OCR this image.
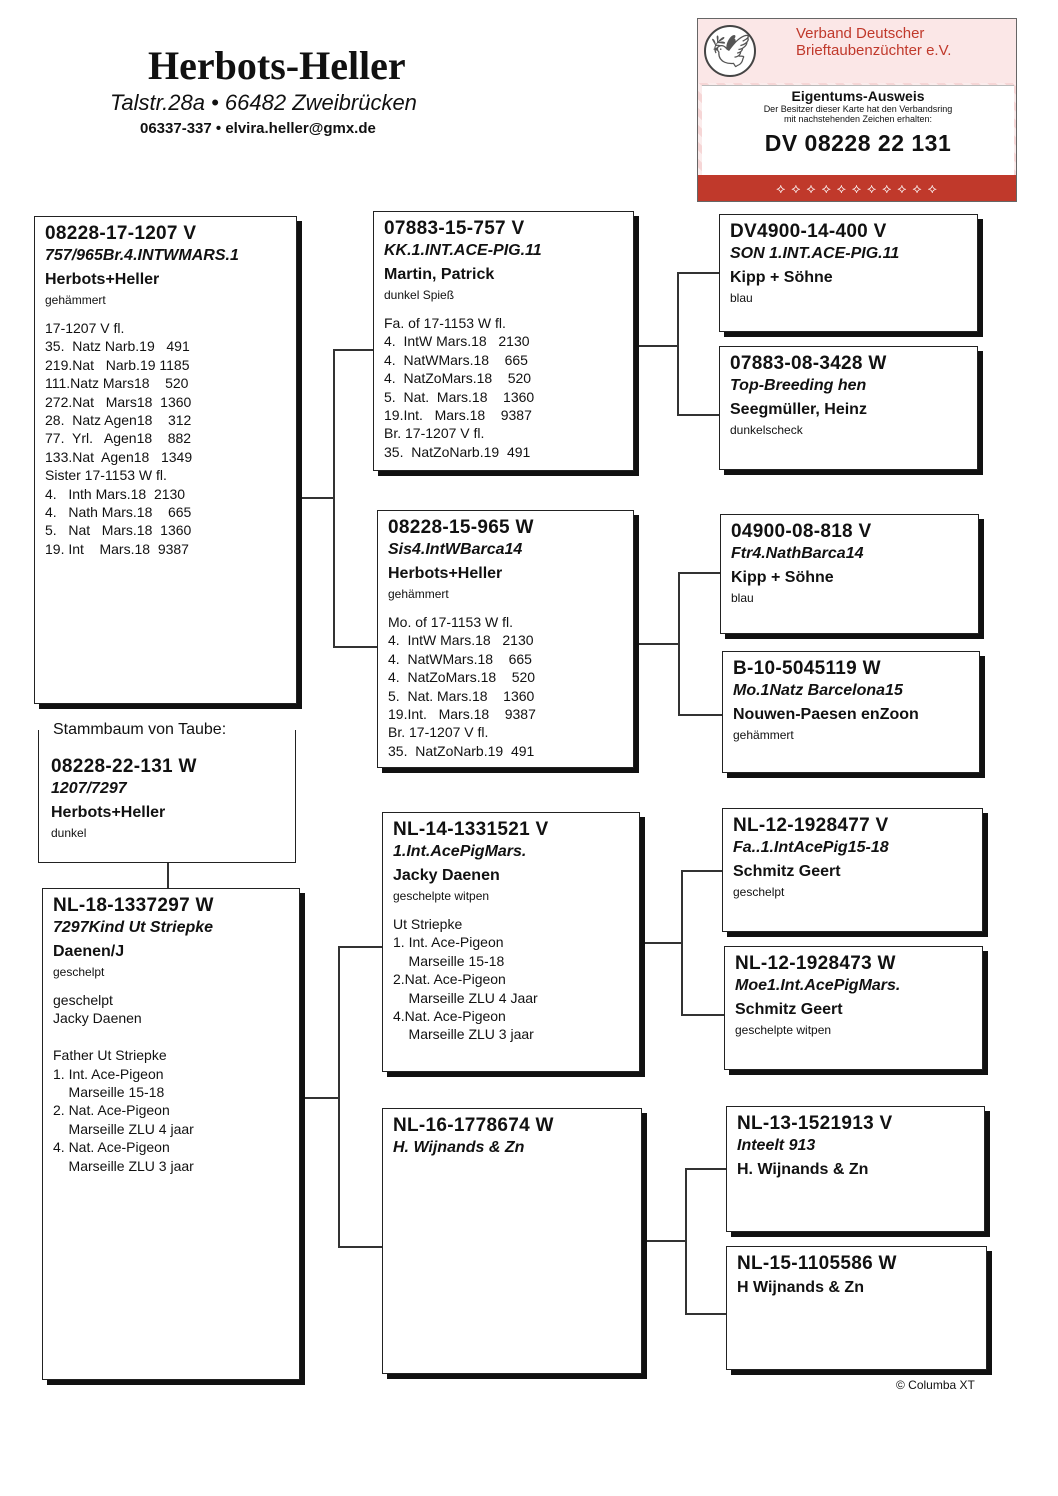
Herbots-Heller
Talstr.28a • 66482 Zweibrücken
06337-337 • elvira.heller@gmx.de
🕊	Verband Deutscher
Brieftaubenzüchter e.V.
Eigentums-Ausweis
Der Besitzer dieser Karte hat den Verbandsring
mit nachstehenden Zeichen erhalten:
DV 08228 22 131
⟡ ⟡ ⟡ ⟡ ⟡ ⟡ ⟡ ⟡ ⟡ ⟡ ⟡
Stammbaum von Taube:
08228-22-131 W
1207/7297
Herbots+Heller
dunkel
08228-17-1207 V
757/965Br.4.INTWMARS.1
Herbots+Heller
gehämmert
17-1207 V fl.
35.  Natz Narb.19   491
219.Nat   Narb.19 1185
111.Natz Mars18    520
272.Nat   Mars18  1360
28.  Natz Agen18    312
77.  Yrl.   Agen18    882
133.Nat  Agen18   1349
Sister 17-1153 W fl.
4.   Inth Mars.18  2130
4.   Nath Mars.18    665
5.   Nat   Mars.18  1360
19. Int    Mars.18  9387
NL-18-1337297 W
7297Kind Ut Striepke
Daenen/J
geschelpt
geschelpt
Jacky Daenen

Father Ut Striepke
1. Int. Ace-Pigeon
Marseille 15-18
2. Nat. Ace-Pigeon
Marseille ZLU 4 jaar
4. Nat. Ace-Pigeon
Marseille ZLU 3 jaar
07883-15-757 V
KK.1.INT.ACE-PIG.11
Martin, Patrick
dunkel Spieß
Fa. of 17-1153 W fl.
4.  IntW Mars.18   2130
4.  NatWMars.18    665
4.  NatZoMars.18    520
5.  Nat.  Mars.18    1360
19.Int.   Mars.18    9387
Br. 17-1207 V fl.
35.  NatZoNarb.19  491
08228-15-965 W
Sis4.IntWBarca14
Herbots+Heller
gehämmert
Mo. of 17-1153 W fl.
4.  IntW Mars.18   2130
4.  NatWMars.18    665
4.  NatZoMars.18    520
5.  Nat. Mars.18    1360
19.Int.   Mars.18    9387
Br. 17-1207 V fl.
35.  NatZoNarb.19  491
NL-14-1331521 V
1.Int.AcePigMars.
Jacky Daenen
geschelpte witpen
Ut Striepke
1. Int. Ace-Pigeon
Marseille 15-18
2.Nat. Ace-Pigeon
Marseille ZLU 4 Jaar
4.Nat. Ace-Pigeon
Marseille ZLU 3 jaar
NL-16-1778674 W
H. Wijnands & Zn
DV4900-14-400 V
SON 1.INT.ACE-PIG.11
Kipp + Söhne
blau
07883-08-3428 W
Top-Breeding hen
Seegmüller, Heinz
dunkelscheck
04900-08-818 V
Ftr4.NathBarca14
Kipp + Söhne
blau
B-10-5045119 W
Mo.1Natz Barcelona15
Nouwen-Paesen enZoon
gehämmert
NL-12-1928477 V
Fa..1.IntAcePig15-18
Schmitz Geert
geschelpt
NL-12-1928473 W
Moe1.Int.AcePigMars.
Schmitz Geert
geschelpte witpen
NL-13-1521913 V
Inteelt 913
H. Wijnands & Zn
NL-15-1105586 W
H Wijnands & Zn
© Columba XT
